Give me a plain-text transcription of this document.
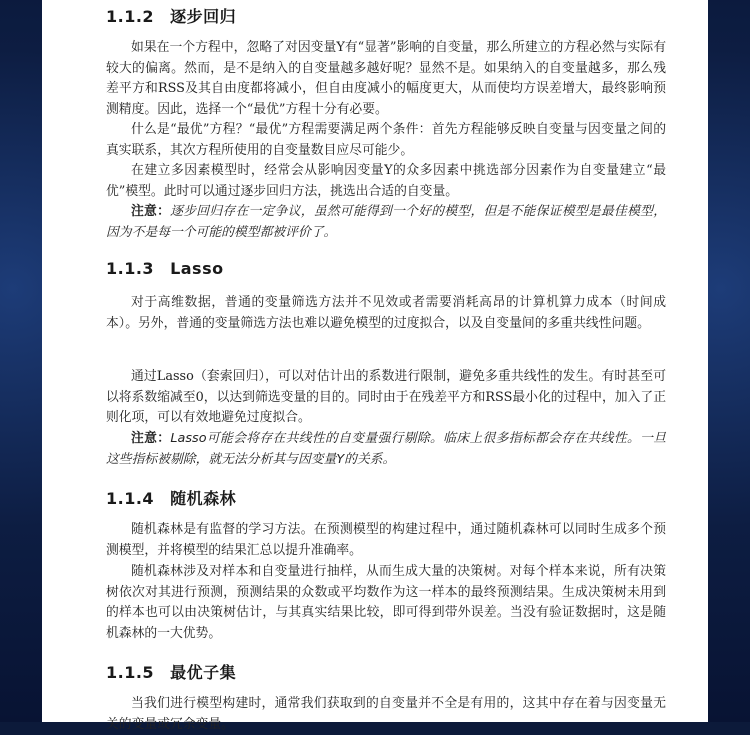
1.1.2 逐步回归
如果在一个方程中，忽略了对因变量Y有“显著”影响的自变量，那么所建立的方程必然与实际有较大的偏离。然而，是不是纳入的自变量越多越好呢？显然不是。如果纳入的自变量越多，那么残差平方和RSS及其自由度都将减小，但自由度减小的幅度更大，从而使均方误差增大，最终影响预测精度。因此，选择一个“最优”方程十分有必要。
什么是“最优”方程？“最优”方程需要满足两个条件：首先方程能够反映自变量与因变量之间的真实联系，其次方程所使用的自变量数目应尽可能少。
在建立多因素模型时，经常会从影响因变量Y的众多因素中挑选部分因素作为自变量建立“最优”模型。此时可以通过逐步回归方法，挑选出合适的自变量。
注意：逐步回归存在一定争议，虽然可能得到一个好的模型，但是不能保证模型是最佳模型，因为不是每一个可能的模型都被评价了。
1.1.3 Lasso
对于高维数据，普通的变量筛选方法并不见效或者需要消耗高昂的计算机算力成本（时间成本）。另外，普通的变量筛选方法也难以避免模型的过度拟合，以及自变量间的多重共线性问题。
通过Lasso（套索回归），可以对估计出的系数进行限制，避免多重共线性的发生。有时甚至可以将系数缩减至0，以达到筛选变量的目的。同时由于在残差平方和RSS最小化的过程中，加入了正则化项，可以有效地避免过度拟合。
注意：Lasso可能会将存在共线性的自变量强行剔除。临床上很多指标都会存在共线性。一旦这些指标被剔除，就无法分析其与因变量Y的关系。
1.1.4 随机森林
随机森林是有监督的学习方法。在预测模型的构建过程中，通过随机森林可以同时生成多个预测模型，并将模型的结果汇总以提升准确率。
随机森林涉及对样本和自变量进行抽样，从而生成大量的决策树。对每个样本来说，所有决策树依次对其进行预测，预测结果的众数或平均数作为这一样本的最终预测结果。生成决策树未用到的样本也可以由决策树估计，与其真实结果比较，即可得到带外误差。当没有验证数据时，这是随机森林的一大优势。
1.1.5 最优子集
当我们进行模型构建时，通常我们获取到的自变量并不全是有用的，这其中存在着与因变量无关的变量或冗余变量。
